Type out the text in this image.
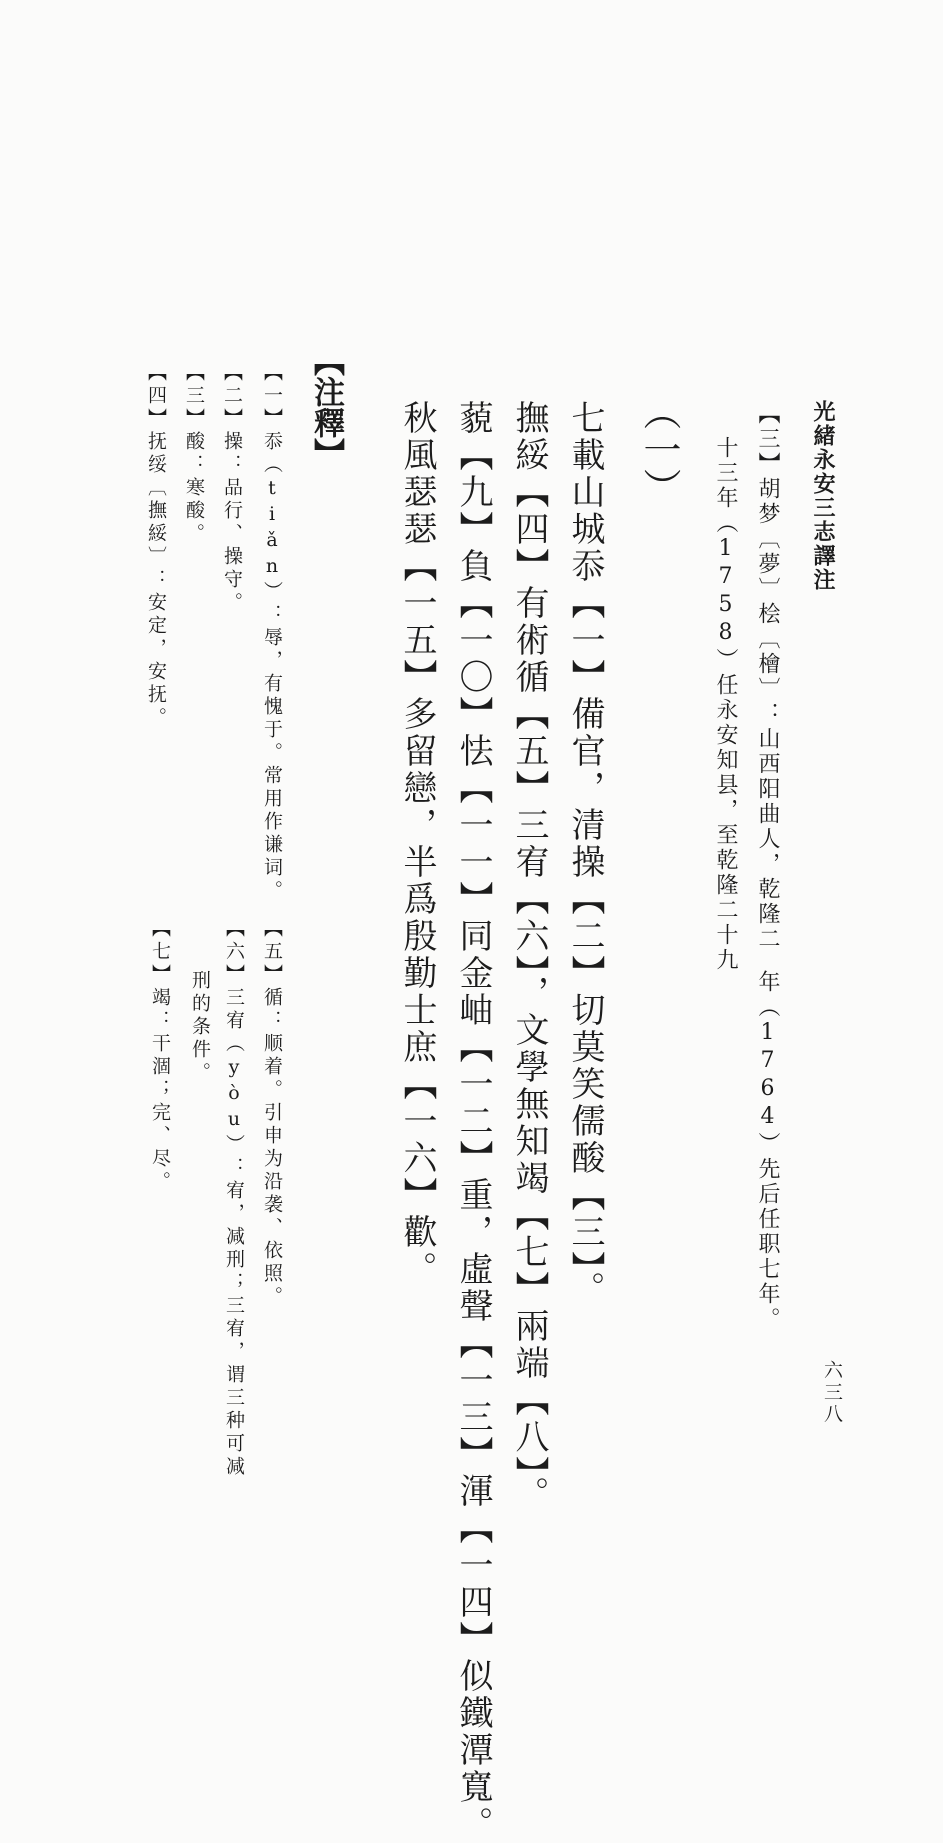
光緒永安三志譯注
六三八
【三】胡梦〔夢〕桧〔檜〕：山西阳曲人，乾隆二
十三年（1758）任永安知县，至乾隆二十九
年（1764）先后任职七年。
（一）
七載山城忝【一】備官，清操【二】切莫笑儒酸【三】。
撫綏【四】有術循【五】三宥【六】，文學無知竭【七】兩端【八】。
藐【九】負【一〇】怯【一一】同金岫【一二】重，虛聲【一三】渾【一四】似鐵潭寬。
秋風瑟瑟【一五】多留戀，半爲殷勤士庶【一六】歡。
【注釋】
【一】忝（tiǎn）：辱，有愧于。常用作谦词。
【二】操：品行、操守。
【三】酸：寒酸。
【四】抚绥〔撫綏〕：安定，安抚。
【五】循：顺着。引申为沿袭、依照。
【六】三宥（yòu）：宥，减刑；三宥，谓三种可减
刑的条件。
【七】竭：干涸；完、尽。
